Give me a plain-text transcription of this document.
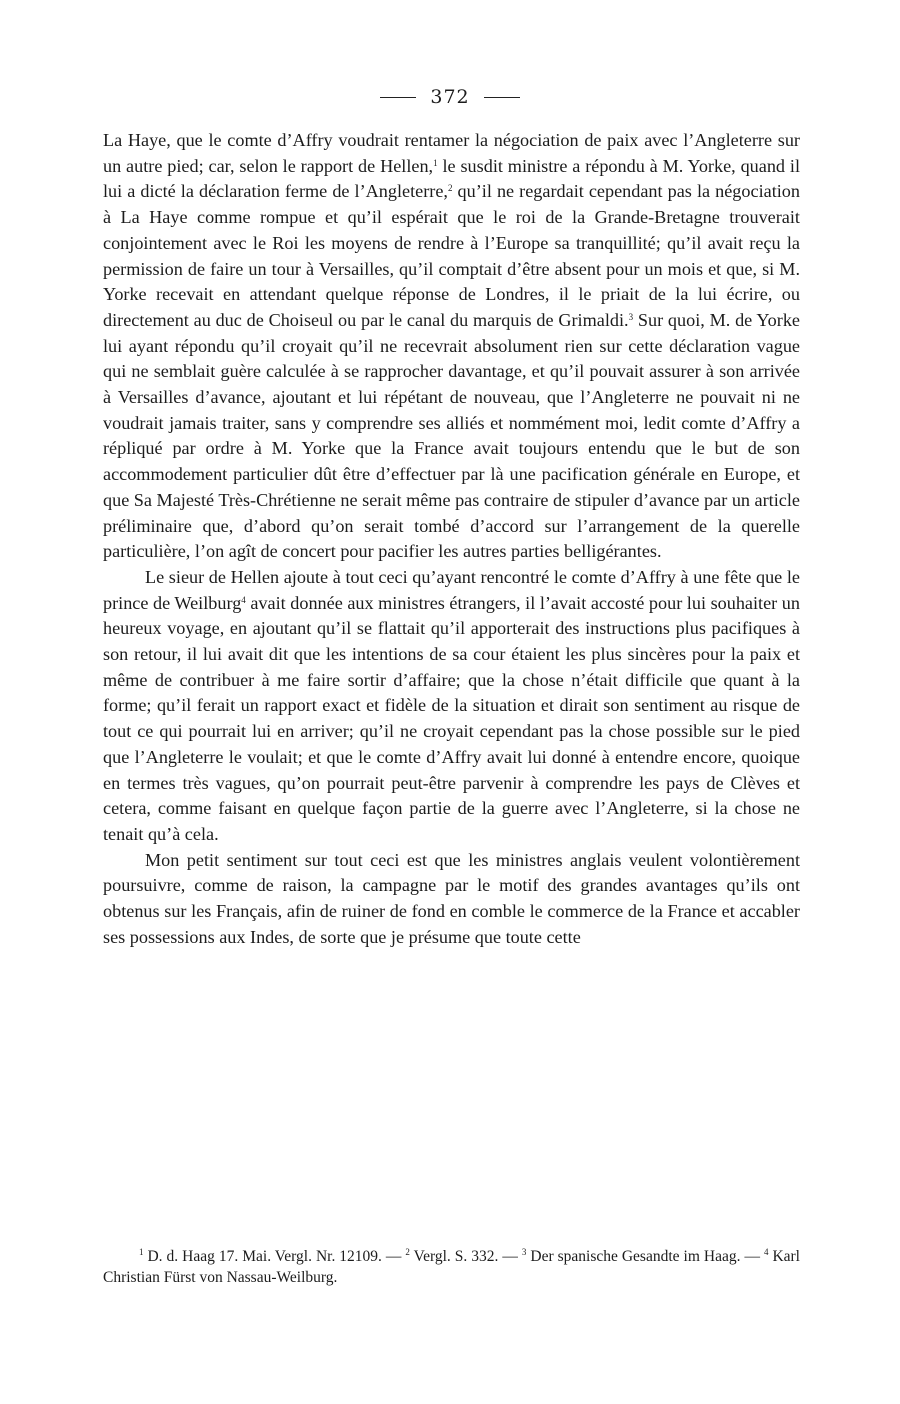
372

La Haye, que le comte d’Affry voudrait rentamer la négociation de paix avec l’Angleterre sur un autre pied; car, selon le rapport de Hellen,$^1$ le susdit ministre a répondu à M. Yorke, quand il lui a dicté la déclaration ferme de l’Angleterre,$^2$ qu’il ne regardait cependant pas la négociation à La Haye comme rompue et qu’il espérait que le roi de la Grande-Bretagne trouverait conjointement avec le Roi les moyens de rendre à l’Europe sa tranquillité; qu’il avait reçu la permission de faire un tour à Versailles, qu’il comptait d’être absent pour un mois et que, si M. Yorke recevait en attendant quelque réponse de Londres, il le priait de la lui écrire, ou directement au duc de Choiseul ou par le canal du marquis de Grimaldi.$^3$ Sur quoi, M. de Yorke lui ayant répondu qu’il croyait qu’il ne recevrait absolument rien sur cette déclaration vague qui ne semblait guère calculée à se rapprocher davantage, et qu’il pouvait assurer à son arrivée à Versailles d’avance, ajoutant et lui répétant de nouveau, que l’Angleterre ne pouvait ni ne voudrait jamais traiter, sans y comprendre ses alliés et nommément moi, ledit comte d’Affry a répliqué par ordre à M. Yorke que la France avait toujours entendu que le but de son accommodement particulier dût être d’effectuer par là une pacification générale en Europe, et que Sa Majesté Très-Chrétienne ne serait même pas contraire de stipuler d’avance par un article préliminaire que, d’abord qu’on serait tombé d’accord sur l’arrangement de la querelle particulière, l’on agît de concert pour pacifier les autres parties belligérantes.

Le sieur de Hellen ajoute à tout ceci qu’ayant rencontré le comte d’Affry à une fête que le prince de Weilburg$^4$ avait donnée aux ministres étrangers, il l’avait accosté pour lui souhaiter un heureux voyage, en ajoutant qu’il se flattait qu’il apporterait des instructions plus pacifiques à son retour, il lui avait dit que les intentions de sa cour étaient les plus sincères pour la paix et même de contribuer à me faire sortir d’affaire; que la chose n’était difficile que quant à la forme; qu’il ferait un rapport exact et fidèle de la situation et dirait son sentiment au risque de tout ce qui pourrait lui en arriver; qu’il ne croyait cependant pas la chose possible sur le pied que l’Angleterre le voulait; et que le comte d’Affry avait lui donné à entendre encore, quoique en termes très vagues, qu’on pourrait peut-être parvenir à comprendre les pays de Clèves et cetera, comme faisant en quelque façon partie de la guerre avec l’Angleterre, si la chose ne tenait qu’à cela.

Mon petit sentiment sur tout ceci est que les ministres anglais veulent volontièrement poursuivre, comme de raison, la campagne par le motif des grandes avantages qu’ils ont obtenus sur les Français, afin de ruiner de fond en comble le commerce de la France et accabler ses possessions aux Indes, de sorte que je présume que toute cette

$^1$ D. d. Haag 17. Mai. Vergl. Nr. 12109. — $^2$ Vergl. S. 332. — $^3$ Der spanische Gesandte im Haag. — $^4$ Karl Christian Fürst von Nassau-Weilburg.
